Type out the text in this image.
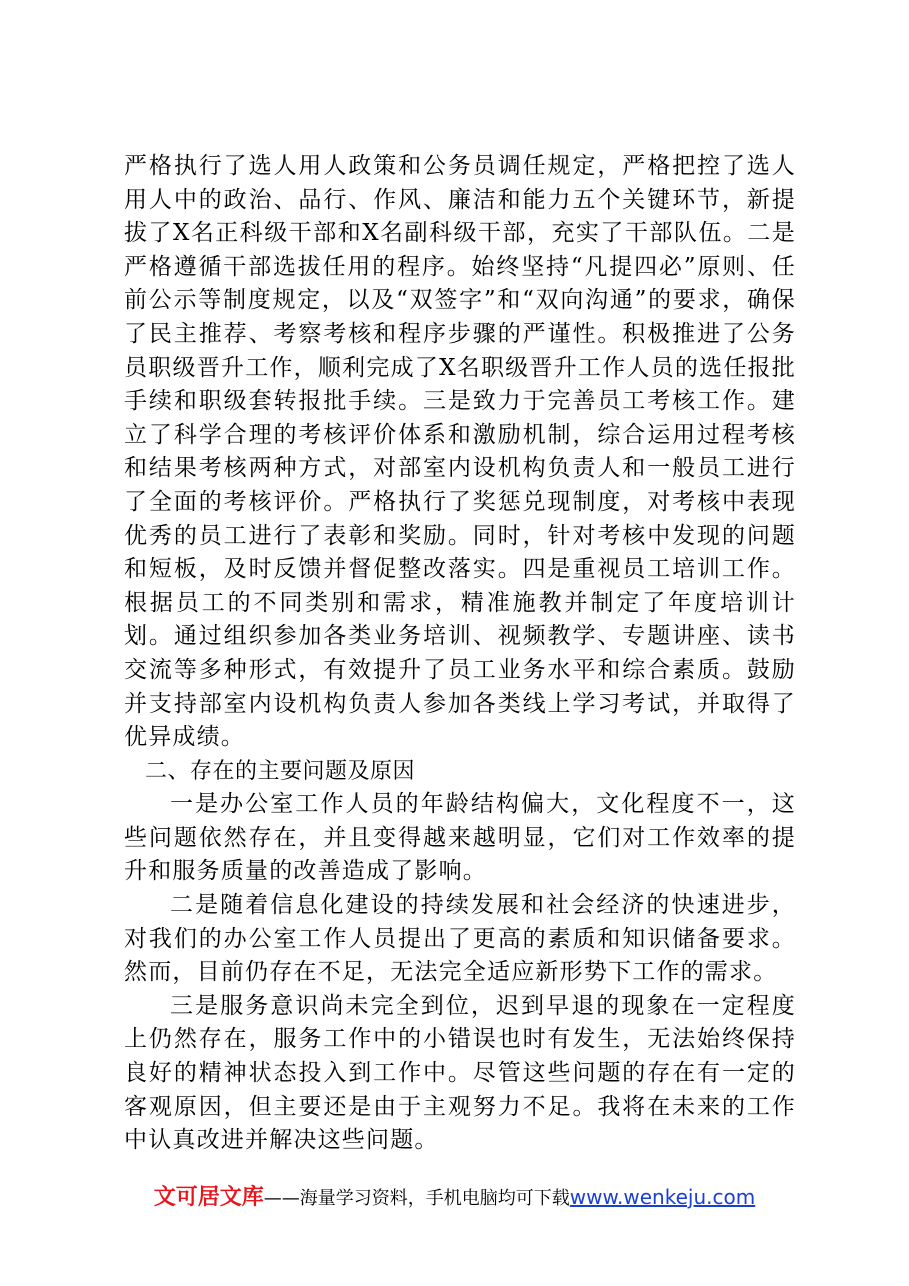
严格执行了选人用人政策和公务员调任规定，严格把控了选人用人中的政治、品行、作风、廉洁和能力五个关键环节，新提拔了X名正科级干部和X名副科级干部，充实了干部队伍。二是严格遵循干部选拔任用的程序。始终坚持“凡提四必”原则、任前公示等制度规定，以及“双签字”和“双向沟通”的要求，确保了民主推荐、考察考核和程序步骤的严谨性。积极推进了公务员职级晋升工作，顺利完成了X名职级晋升工作人员的选任报批手续和职级套转报批手续。三是致力于完善员工考核工作。建立了科学合理的考核评价体系和激励机制，综合运用过程考核和结果考核两种方式，对部室内设机构负责人和一般员工进行了全面的考核评价。严格执行了奖惩兑现制度，对考核中表现优秀的员工进行了表彰和奖励。同时，针对考核中发现的问题和短板，及时反馈并督促整改落实。四是重视员工培训工作。根据员工的不同类别和需求，精准施教并制定了年度培训计划。通过组织参加各类业务培训、视频教学、专题讲座、读书交流等多种形式，有效提升了员工业务水平和综合素质。鼓励并支持部室内设机构负责人参加各类线上学习考试，并取得了优异成绩。

二、存在的主要问题及原因

一是办公室工作人员的年龄结构偏大，文化程度不一，这些问题依然存在，并且变得越来越明显，它们对工作效率的提升和服务质量的改善造成了影响。

二是随着信息化建设的持续发展和社会经济的快速进步，对我们的办公室工作人员提出了更高的素质和知识储备要求。然而，目前仍存在不足，无法完全适应新形势下工作的需求。

三是服务意识尚未完全到位，迟到早退的现象在一定程度上仍然存在，服务工作中的小错误也时有发生，无法始终保持良好的精神状态投入到工作中。尽管这些问题的存在有一定的客观原因，但主要还是由于主观努力不足。我将在未来的工作中认真改进并解决这些问题。

文可居文库——海量学习资料，手机电脑均可下载www.wenkeju.com
